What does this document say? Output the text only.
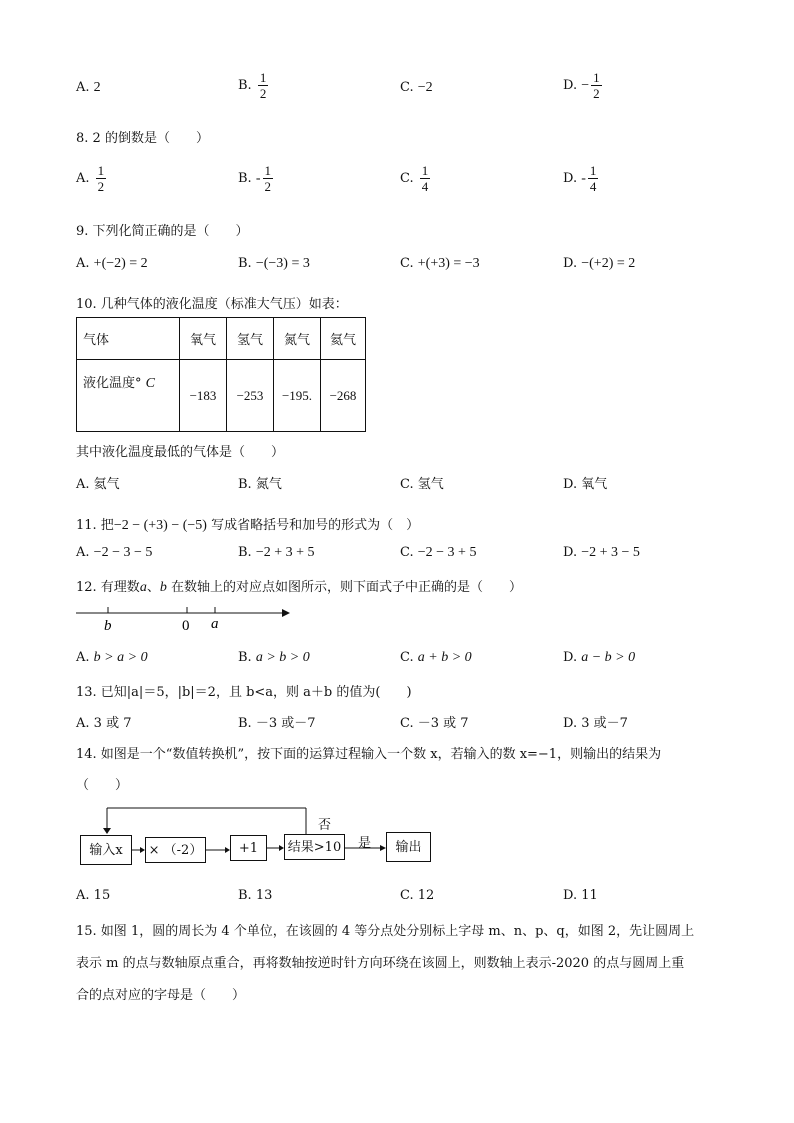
A. 2	B. $\frac{1}{2}$	C. −2	D. − $\frac{1}{2}$
8. 2 的倒数是（　　）
A. $\frac{1}{2}$	B. - $\frac{1}{2}$	C. $\frac{1}{4}$	D. - $\frac{1}{4}$
9. 下列化简正确的是（　　）
A. +(−2) = 2	B. −(−3) = 3	C. +(+3) = −3	D. −(+2) = 2
10. 几种气体的液化温度（标准大气压）如表：
气体	氧气	氢气	氮气	氦气
液化温度° C	−183	−253	−195.	−268
其中液化温度最低的气体是（　　）
A. 氦气	B. 氮气	C. 氢气	D. 氧气
11. 把−2 − (+3) − (−5) 写成省略括号和加号的形式为（　）
A. −2 − 3 − 5	B. −2 + 3 + 5	C. −2 − 3 + 5	D. −2 + 3 − 5
12. 有理数a、b 在数轴上的对应点如图所示，则下面式子中正确的是（　　）
b	0 a
A. b > a > 0	B. a > b > 0	C. a + b > 0	D. a − b > 0
13. 已知|a|＝5，|b|＝2，且 b<a，则 a＋b 的值为(　　)
A. 3 或 7	B. －3 或－7	C. －3 或 7	D. 3 或－7
14. 如图是一个“数值转换机”，按下面的运算过程输入一个数 x，若输入的数 x=−1，则输出的结果为
（　　）
输入x	× （-2）	+1	结果>10	输出
否
是
A. 15	B. 13	C. 12	D. 11
15. 如图 1，圆的周长为 4 个单位，在该圆的 4 等分点处分别标上字母 m、n、p、q，如图 2，先让圆周上
表示 m 的点与数轴原点重合，再将数轴按逆时针方向环绕在该圆上，则数轴上表示-2020 的点与圆周上重
合的点对应的字母是（　　）
